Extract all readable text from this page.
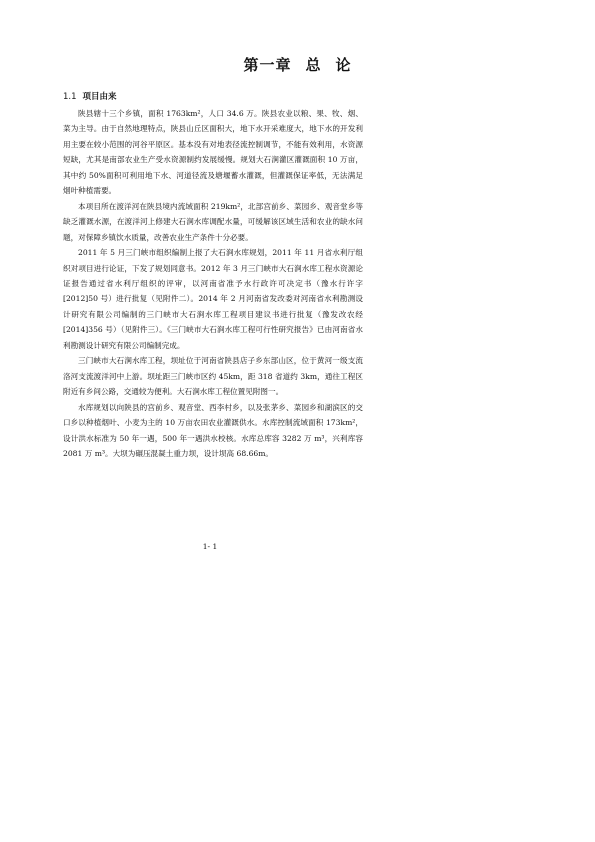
第一章 总 论
1.1 项目由来

陕县辖十三个乡镇，面积 1763km²，人口 34.6 万。陕县农业以粮、果、牧、烟、菜为主导。由于自然地理特点，陕县山丘区面积大，地下水开采难度大，地下水的开发利用主要在较小范围的河谷平原区。基本没有对地表径流控制调节，不能有效利用，水资源短缺，尤其是南部农业生产受水资源制约发展缓慢。规划大石涧灌区灌溉面积 10 万亩，其中约 50%面积可利用地下水、河道径流及塘堰蓄水灌溉，但灌溉保证率低，无法满足烟叶种植需要。

本项目所在渡洋河在陕县境内流域面积 219km²，北部宫前乡、菜园乡、观音堂乡等缺乏灌溉水源，在渡洋河上修建大石涧水库调配水量，可缓解该区域生活和农业的缺水问题，对保障乡镇饮水质量，改善农业生产条件十分必要。

2011 年 5 月三门峡市组织编制上报了大石涧水库规划，2011 年 11 月省水利厅组织对项目进行论证，下发了规划同意书。2012 年 3 月三门峡市大石涧水库工程水资源论证报告通过省水利厅组织的评审，以河南省准予水行政许可决定书（豫水行许字[2012]50 号）进行批复（见附件二）。2014 年 2 月河南省发改委对河南省水利勘测设计研究有限公司编制的三门峡市大石涧水库工程项目建议书进行批复（豫发改农经[2014]356 号）（见附件三）。《三门峡市大石涧水库工程可行性研究报告》已由河南省水利勘测设计研究有限公司编制完成。

三门峡市大石涧水库工程，坝址位于河南省陕县店子乡东部山区，位于黄河一级支流洛河支流渡洋河中上游。坝址距三门峡市区约 45km，距 318 省道约 3km，通往工程区附近有乡间公路，交通较为便利。大石涧水库工程位置见附图一。

水库规划以向陕县的宫前乡、观音堂、西李村乡，以及张茅乡、菜园乡和湖滨区的交口乡以种植烟叶、小麦为主的 10 万亩农田农业灌溉供水。水库控制流域面积 173km²，设计洪水标准为 50 年一遇，500 年一遇洪水校核。水库总库容 3282 万 m³，兴利库容 2081 万 m³。大坝为碾压混凝土重力坝，设计坝高 68.66m。

1- 1
